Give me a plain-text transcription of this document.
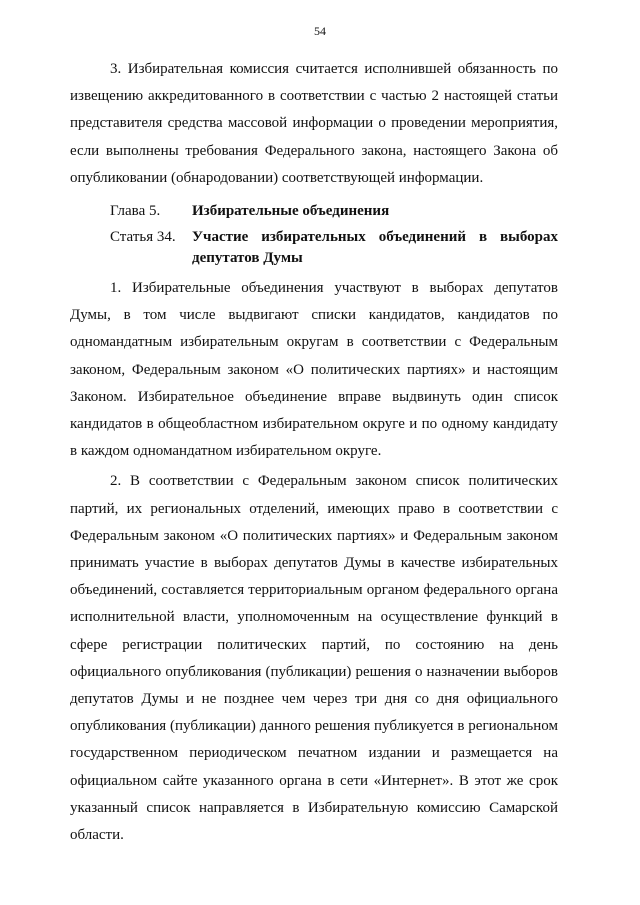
54

3. Избирательная комиссия считается исполнившей обязанность по извещению аккредитованного в соответствии с частью 2 настоящей статьи представителя средства массовой информации о проведении мероприятия, если выполнены требования Федерального закона, настоящего Закона об опубликовании (обнародовании) соответствующей информации.

Глава 5.	Избирательные объединения
Статья 34.	Участие избирательных объединений в выборах депутатов Думы

1. Избирательные объединения участвуют в выборах депутатов Думы, в том числе выдвигают списки кандидатов, кандидатов по одномандатным избирательным округам в соответствии с Федеральным законом, Федеральным законом «О политических партиях» и настоящим Законом. Избирательное объединение вправе выдвинуть один список кандидатов в общеобластном избирательном округе и по одному кандидату в каждом одномандатном избирательном округе.

2. В соответствии с Федеральным законом список политических партий, их региональных отделений, имеющих право в соответствии с Федеральным законом «О политических партиях» и Федеральным законом принимать участие в выборах депутатов Думы в качестве избирательных объединений, составляется территориальным органом федерального органа исполнительной власти, уполномоченным на осуществление функций в сфере регистрации политических партий, по состоянию на день официального опубликования (публикации) решения о назначении выборов депутатов Думы и не позднее чем через три дня со дня официального опубликования (публикации) данного решения публикуется в региональном государственном периодическом печатном издании и размещается на официальном сайте указанного органа в сети «Интернет». В этот же срок указанный список направляется в Избирательную комиссию Самарской области.
